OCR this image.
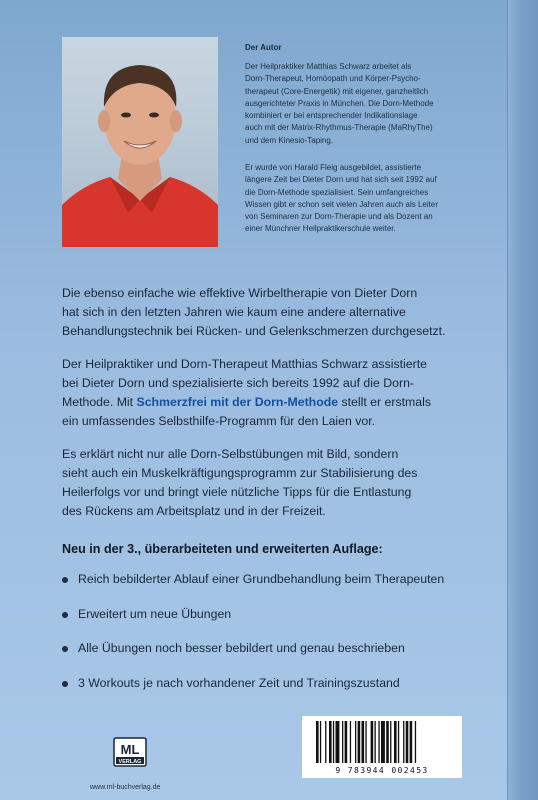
Der Autor
Der Heilpraktiker Matthias Schwarz arbeitet als
Dorn-Therapeut, Homöopath und Körper-Psycho-
therapeut (Core-Energetik) mit eigener, ganzheitlich
ausgerichteter Praxis in München. Die Dorn-Methode
kombiniert er bei entsprechender Indikationslage
auch mit der Matrix-Rhythmus-Therapie (MaRhyThe)
und dem Kinesio-Taping.
Er wurde von Harald Fleig ausgebildet, assistierte
längere Zeit bei Dieter Dorn und hat sich seit 1992 auf
die Dorn-Methode spezialisiert. Sein umfangreiches
Wissen gibt er schon seit vielen Jahren auch als Leiter
von Seminaren zur Dorn-Therapie und als Dozent an
einer Münchner Heilpraktikerschule weiter.
Die ebenso einfache wie effektive Wirbeltherapie von Dieter Dorn
hat sich in den letzten Jahren wie kaum eine andere alternative
Behandlungstechnik bei Rücken- und Gelenkschmerzen durchgesetzt.
Der Heilpraktiker und Dorn-Therapeut Matthias Schwarz assistierte
bei Dieter Dorn und spezialisierte sich bereits 1992 auf die Dorn-
Methode. Mit Schmerzfrei mit der Dorn-Methode stellt er erstmals
ein umfassendes Selbsthilfe-Programm für den Laien vor.
Es erklärt nicht nur alle Dorn-Selbstübungen mit Bild, sondern
sieht auch ein Muskelkräftigungsprogramm zur Stabilisierung des
Heilerfolgs vor und bringt viele nützliche Tipps für die Entlastung
des Rückens am Arbeitsplatz und in der Freizeit.
Neu in der 3., überarbeiteten und erweiterten Auflage:
Reich bebilderter Ablauf einer Grundbehandlung beim Therapeuten
Erweitert um neue Übungen
Alle Übungen noch besser bebildert und genau beschrieben
3 Workouts je nach vorhandener Zeit und Trainingszustand
ML
VERLAG
www.ml-buchverlag.de
9 783944 002453
